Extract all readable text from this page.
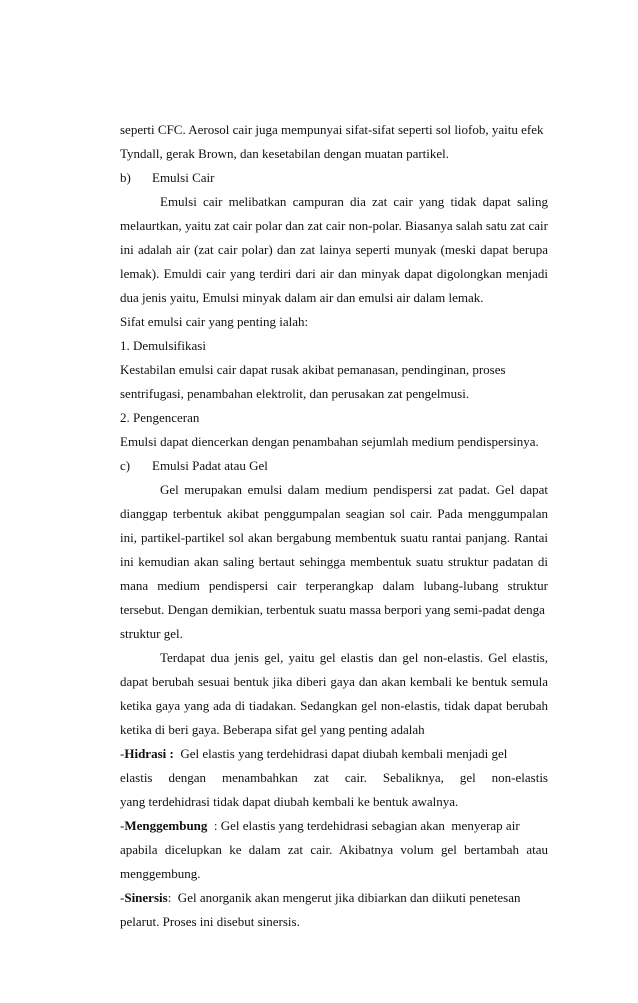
seperti CFC. Aerosol cair juga mempunyai sifat-sifat seperti sol liofob, yaitu efek

Tyndall, gerak Brown, dan kesetabilan dengan muatan partikel.

b) Emulsi Cair

Emulsi cair melibatkan campuran dia zat cair yang tidak dapat saling

melaurtkan, yaitu zat cair polar dan zat cair non-polar. Biasanya salah satu zat cair

ini adalah air (zat cair polar) dan zat lainya seperti munyak (meski dapat berupa

lemak). Emuldi cair yang terdiri dari air dan minyak dapat digolongkan menjadi

dua jenis yaitu, Emulsi minyak dalam air dan emulsi air dalam lemak.

Sifat emulsi cair yang penting ialah:

1. Demulsifikasi

Kestabilan emulsi cair dapat rusak akibat pemanasan, pendinginan, proses

sentrifugasi, penambahan elektrolit, dan perusakan zat pengelmusi.

2. Pengenceran

Emulsi dapat diencerkan dengan penambahan sejumlah medium pendispersinya.

c) Emulsi Padat atau Gel

Gel merupakan emulsi dalam medium pendispersi zat padat. Gel dapat

dianggap terbentuk akibat penggumpalan seagian sol cair. Pada menggumpalan

ini, partikel-partikel sol akan bergabung membentuk suatu rantai panjang. Rantai

ini kemudian akan saling bertaut sehingga membentuk suatu struktur padatan di

mana medium pendispersi cair terperangkap dalam lubang-lubang struktur

tersebut. Dengan demikian, terbentuk suatu massa berpori yang semi-padat denga

struktur gel.

Terdapat dua jenis gel, yaitu gel elastis dan gel non-elastis. Gel elastis,

dapat berubah sesuai bentuk jika diberi gaya dan akan kembali ke bentuk semula

ketika gaya yang ada di tiadakan. Sedangkan gel non-elastis, tidak dapat berubah

ketika di beri gaya. Beberapa sifat gel yang penting adalah

-Hidrasi :  Gel elastis yang terdehidrasi dapat diubah kembali menjadi gel

elastis dengan menambahkan zat cair. Sebaliknya, gel non-elastis

yang terdehidrasi tidak dapat diubah kembali ke bentuk awalnya.

-Menggembung  : Gel elastis yang terdehidrasi sebagian akan  menyerap air

apabila dicelupkan ke dalam zat cair. Akibatnya volum gel bertambah atau

menggembung.

-Sinersis:  Gel anorganik akan mengerut jika dibiarkan dan diikuti penetesan

pelarut. Proses ini disebut sinersis.
